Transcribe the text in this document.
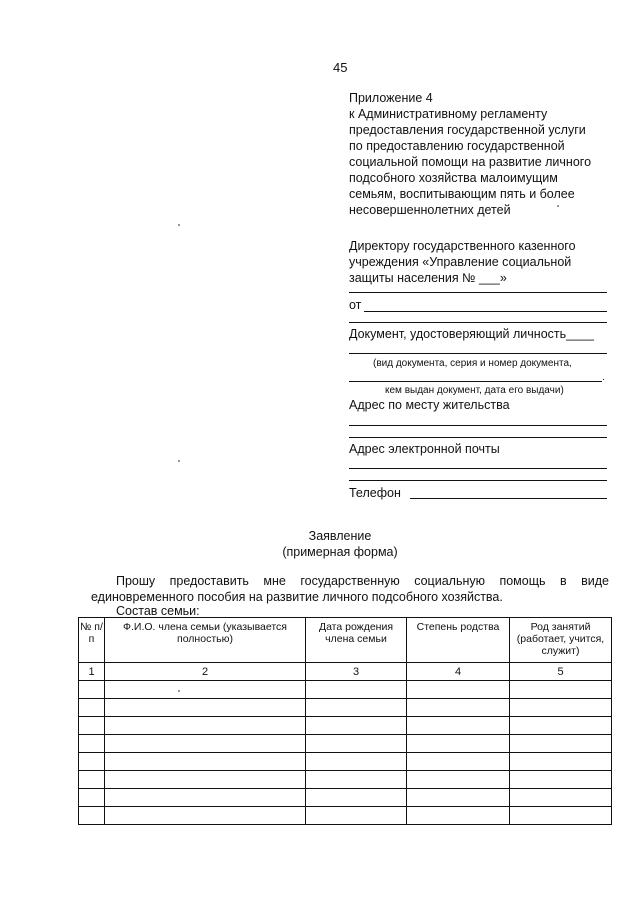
45
Приложение 4
к Административному регламенту
предоставления государственной услуги
по предоставлению государственной
социальной помощи на развитие личного
подсобного хозяйства малоимущим
семьям, воспитывающим пять и более
несовершеннолетних детей
Директору государственного казенного
учреждения «Управление социальной
защиты населения № ___»
от
Документ, удостоверяющий личность____
(вид документа, серия и номер документа,
.
кем выдан документ, дата его выдачи)
Адрес по месту жительства
Адрес электронной почты
Телефон
Заявление
(примерная форма)
Прошу предоставить мне государственную социальную помощь в виде
единовременного пособия на развитие личного подсобного хозяйства.
Состав семьи:
№ п/п	Ф.И.О. члена семьи (указывается полностью)	Дата рождения члена семьи	Степень родства	Род занятий (работает, учится, служит)
1	2	3	4	5
